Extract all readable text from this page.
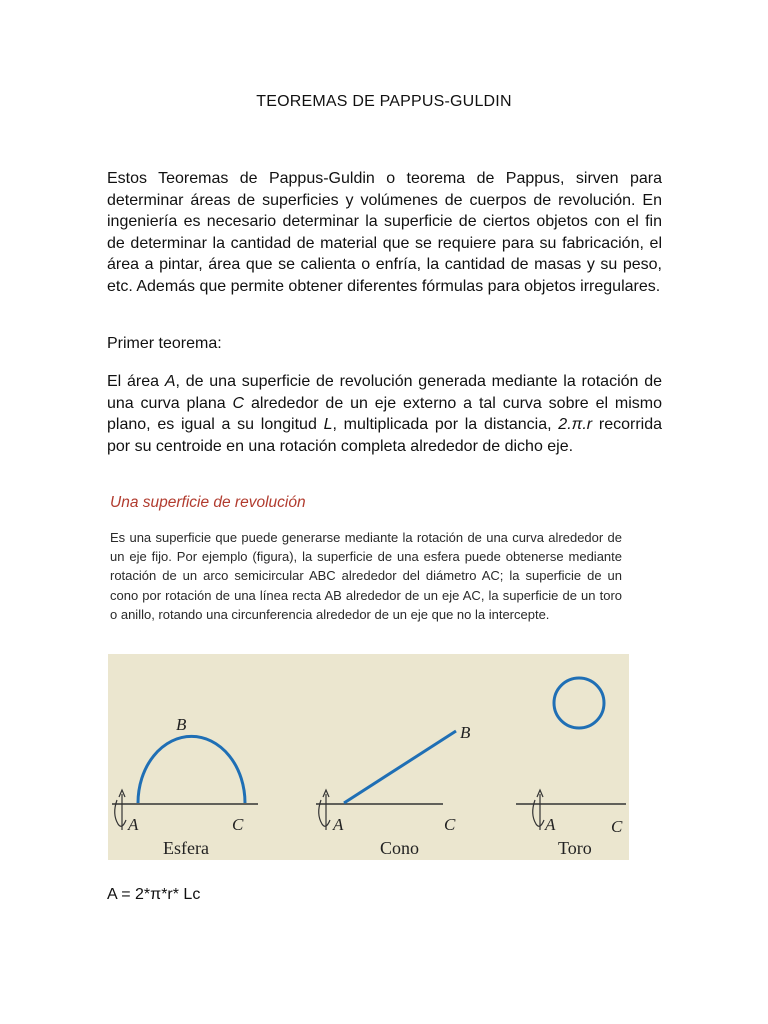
TEOREMAS DE PAPPUS-GULDIN

Estos Teoremas de Pappus-Guldin o teorema de Pappus, sirven para determinar áreas de superficies y volúmenes de cuerpos de revolución. En ingeniería es necesario determinar la superficie de ciertos objetos con el fin de determinar la cantidad de material que se requiere para su fabricación, el área a pintar, área que se calienta o enfría, la cantidad de masas y su peso, etc. Además que permite obtener diferentes fórmulas para objetos irregulares.

Primer teorema:

El área A, de una superficie de revolución generada mediante la rotación de una curva plana C alrededor de un eje externo a tal curva sobre el mismo plano, es igual a su longitud L, multiplicada por la distancia, 2.π.r recorrida por su centroide en una rotación completa alrededor de dicho eje.

Una superficie de revolución

Es una superficie que puede generarse mediante la rotación de una curva alrededor de un eje fijo. Por ejemplo (figura), la superficie de una esfera puede obtenerse mediante rotación de un arco semicircular ABC alrededor del diámetro AC; la superficie de un cono por rotación de una línea recta AB alrededor de un eje AC, la superficie de un toro o anillo, rotando una circunferencia alrededor de un eje que no la intercepte.

B
A	C
Esfera
B
A	C
Cono
A	C
Toro
A = 2*π*r* Lc
